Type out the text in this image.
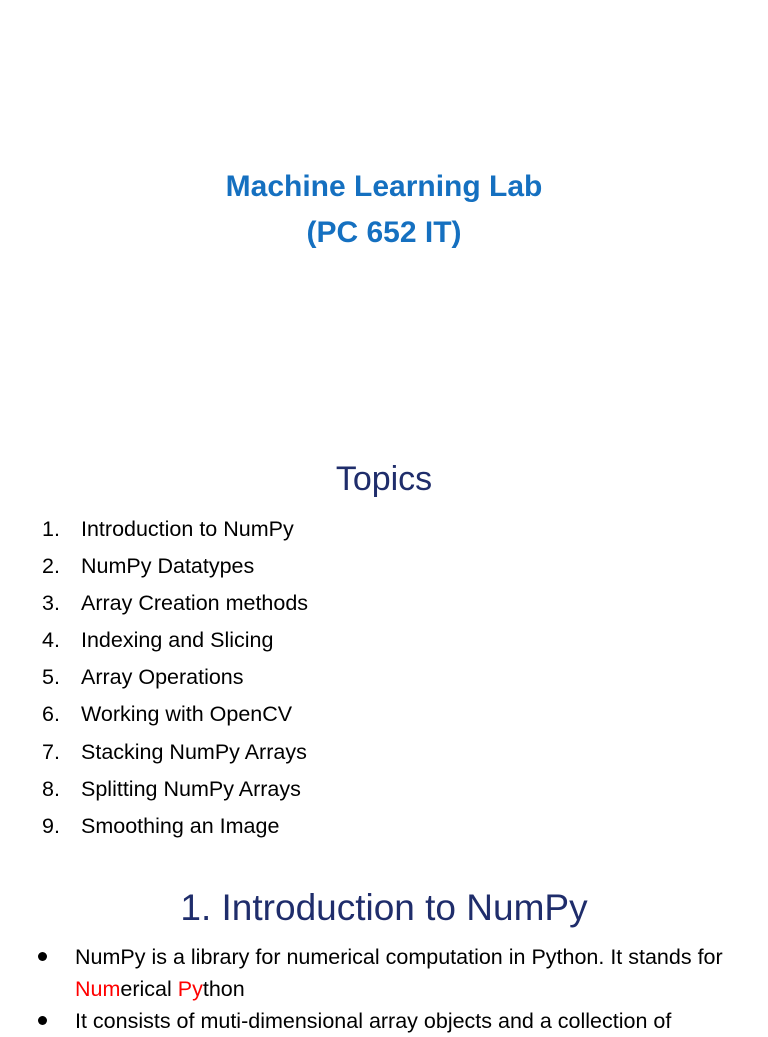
Machine Learning Lab
(PC 652 IT)
Topics
1. Introduction to NumPy
2. NumPy Datatypes
3. Array Creation methods
4. Indexing and Slicing
5. Array Operations
6. Working with OpenCV
7. Stacking NumPy Arrays
8. Splitting NumPy Arrays
9. Smoothing an Image
1. Introduction to NumPy
NumPy is a library for numerical computation in Python. It stands for Numerical Python
It consists of muti-dimensional array objects and a collection of
